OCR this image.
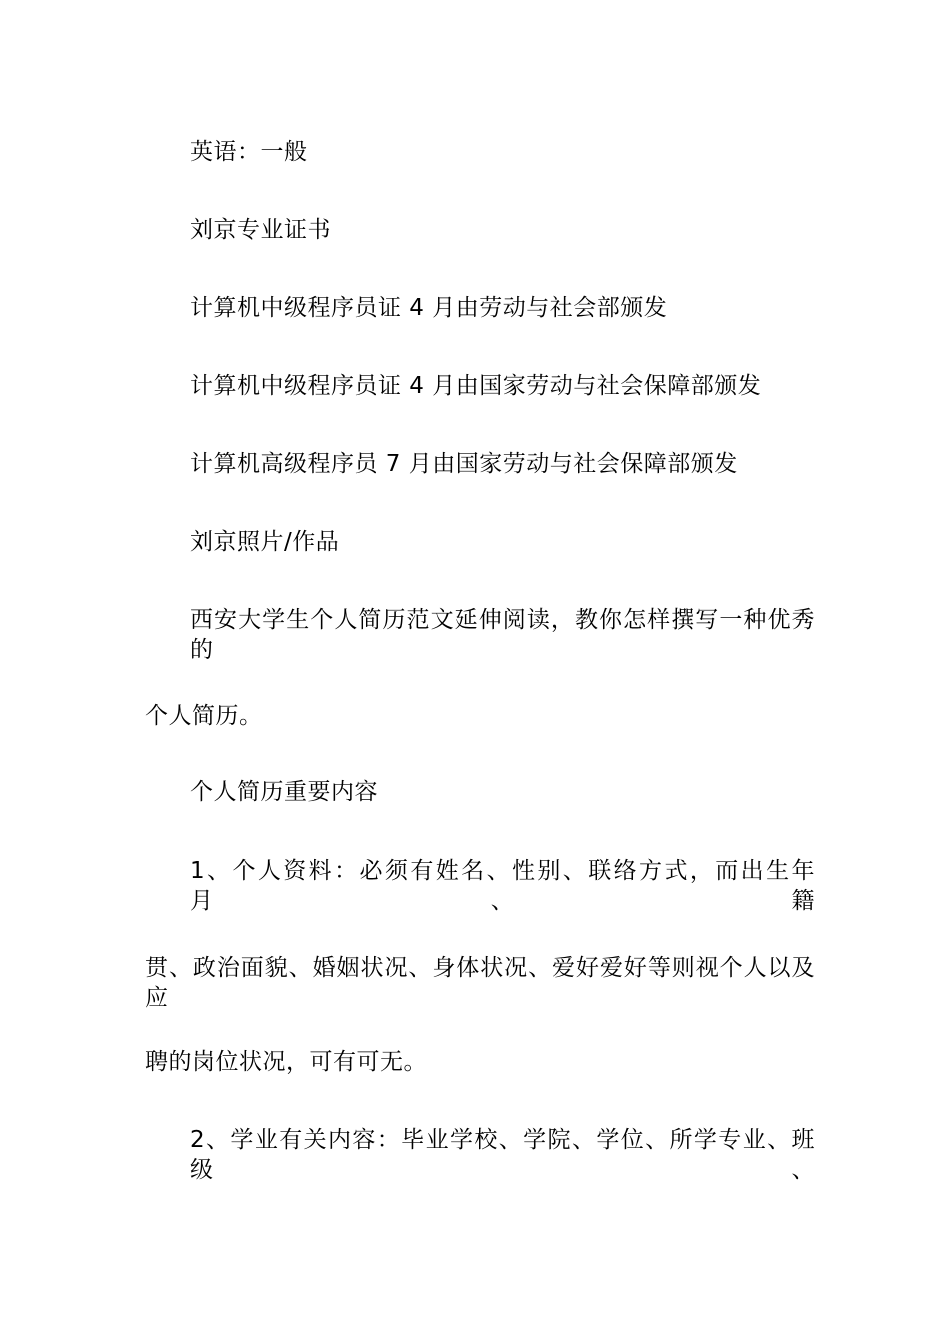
英语：一般
刘京专业证书
计算机中级程序员证 4 月由劳动与社会部颁发
计算机中级程序员证 4 月由国家劳动与社会保障部颁发
计算机高级程序员 7 月由国家劳动与社会保障部颁发
刘京照片/作品
西安大学生个人简历范文延伸阅读，教你怎样撰写一种优秀的
个人简历。
个人简历重要内容
1、个人资料：必须有姓名、性别、联络方式，而出生年月、籍
贯、政治面貌、婚姻状况、身体状况、爱好爱好等则视个人以及应
聘的岗位状况，可有可无。
2、学业有关内容：毕业学校、学院、学位、所学专业、班级、
